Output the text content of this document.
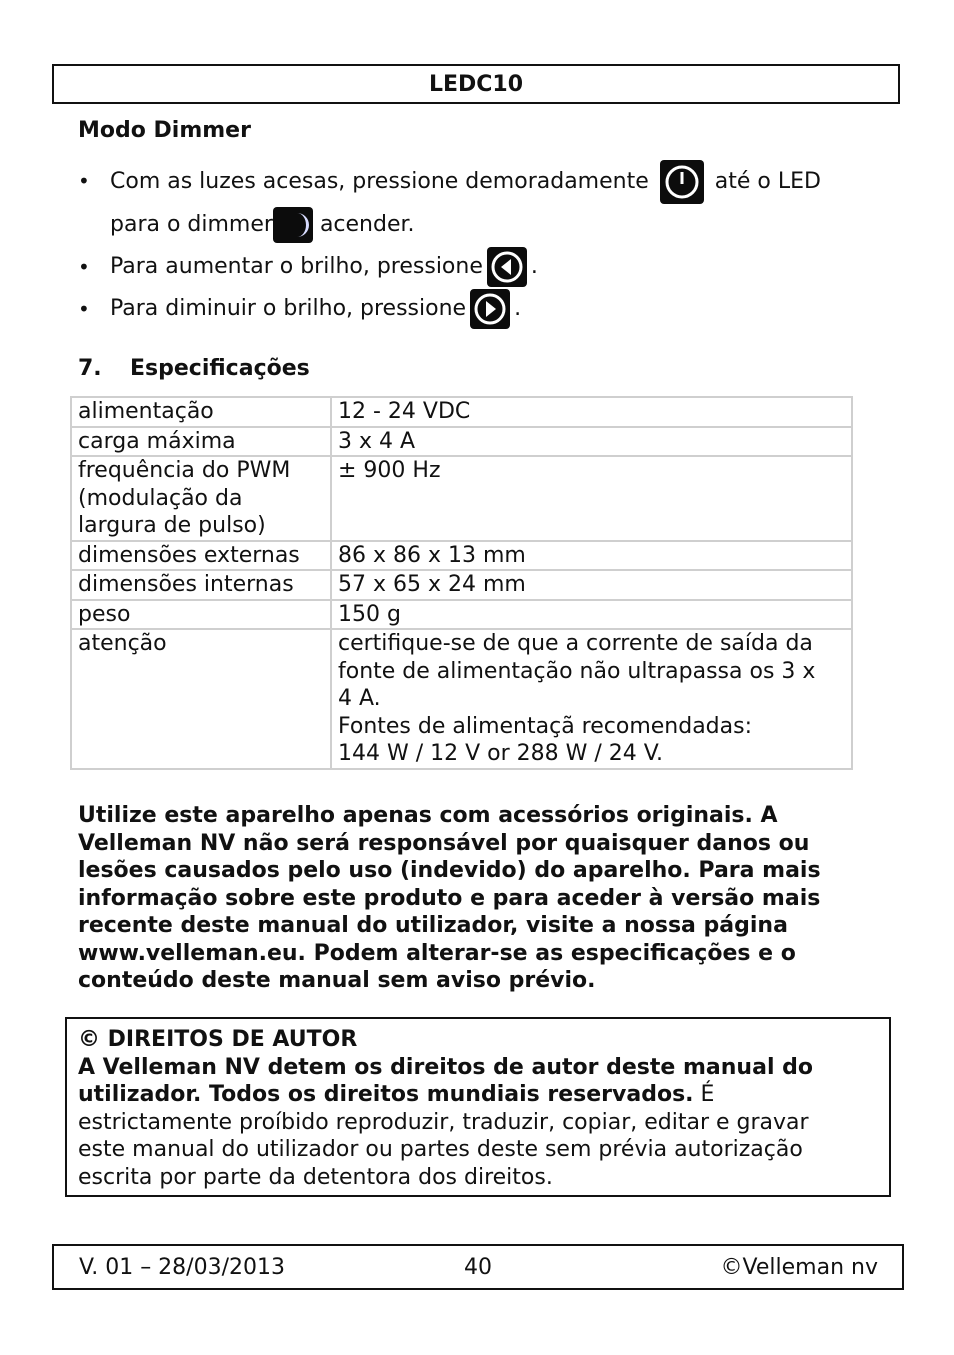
LEDC10
Modo Dimmer
• Com as luzes acesas, pressione demoradamente	até o LED
para o dimmer acender.
• Para aumentar o brilho, pressione .
• Para diminuir o brilho, pressione .
7. Especificações
alimentação	12 - 24 VDC
carga máxima	3 x 4 A
frequência do PWM
(modulação da
largura de pulso)	± 900 Hz
dimensões externas	86 x 86 x 13 mm
dimensões internas	57 x 65 x 24 mm
peso	150 g
atenção	certifique-se de que a corrente de saída da
fonte de alimentação não ultrapassa os 3 x
4 A.
Fontes de alimentaçã recomendadas:
144 W / 12 V or 288 W / 24 V.
Utilize este aparelho apenas com acessórios originais. A
Velleman NV não será responsável por quaisquer danos ou
lesões causados pelo uso (indevido) do aparelho. Para mais
informação sobre este produto e para aceder à versão mais
recente deste manual do utilizador, visite a nossa página
www.velleman.eu. Podem alterar-se as especificações e o
conteúdo deste manual sem aviso prévio.
© DIREITOS DE AUTOR
A Velleman NV detem os direitos de autor deste manual do
utilizador. Todos os direitos mundiais reservados. É
estrictamente proíbido reproduzir, traduzir, copiar, editar e gravar
este manual do utilizador ou partes deste sem prévia autorização
escrita por parte da detentora dos direitos.
V. 01 – 28/03/2013	40	©Velleman nv
